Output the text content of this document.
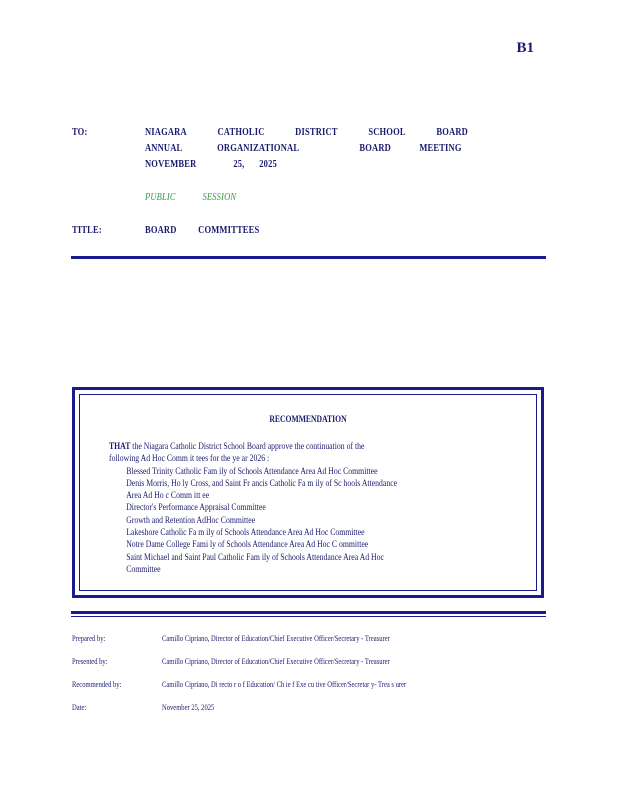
B1
TO:	NIAGARA	CATHOLIC	DISTRICT	SCHOOL	BOARD
ANNUAL	ORGANIZATIONAL	BOARD	MEETING
NOVEMBER	25, 2025
PUBLIC	SESSION
TITLE:	BOARD COMMITTEES
RECOMMENDATION
THAT the Niagara Catholic District School Board approve the continuation of the
following Ad Hoc Comm it tees for the ye ar 2026 :
Blessed Trinity Catholic Fam ily of Schools Attendance Area Ad Hoc Committee
Denis Morris, Ho ly Cross, and Saint Fr ancis Catholic Fa m ily of Sc hools Attendance
Area Ad Ho c Comm itt ee
Director's Performance Appraisal Committee
Growth and Retention AdHoc Committee
Lakeshore Catholic Fa m ily of Schools Attendance Area Ad Hoc Committee
Notre Dame College Fami ly of Schools Attendance Area Ad Hoc C ommittee
Saint Michael and Saint Paul Catholic Fam ily of Schools Attendance Area Ad Hoc
Committee
Prepared by:	Camillo Cipriano, Director of Education/Chief Executive Officer/Secretary - Treasurer
Presented by:	Camillo Cipriano, Director of Education/Chief Executive Officer/Secretary - Treasurer
Recommended by:	Camillo Cipriano, Di recto r o f Education/ Ch ie f Exe cu tive Officer/Secretar y- Trea s urer
Date:	November 25, 2025
